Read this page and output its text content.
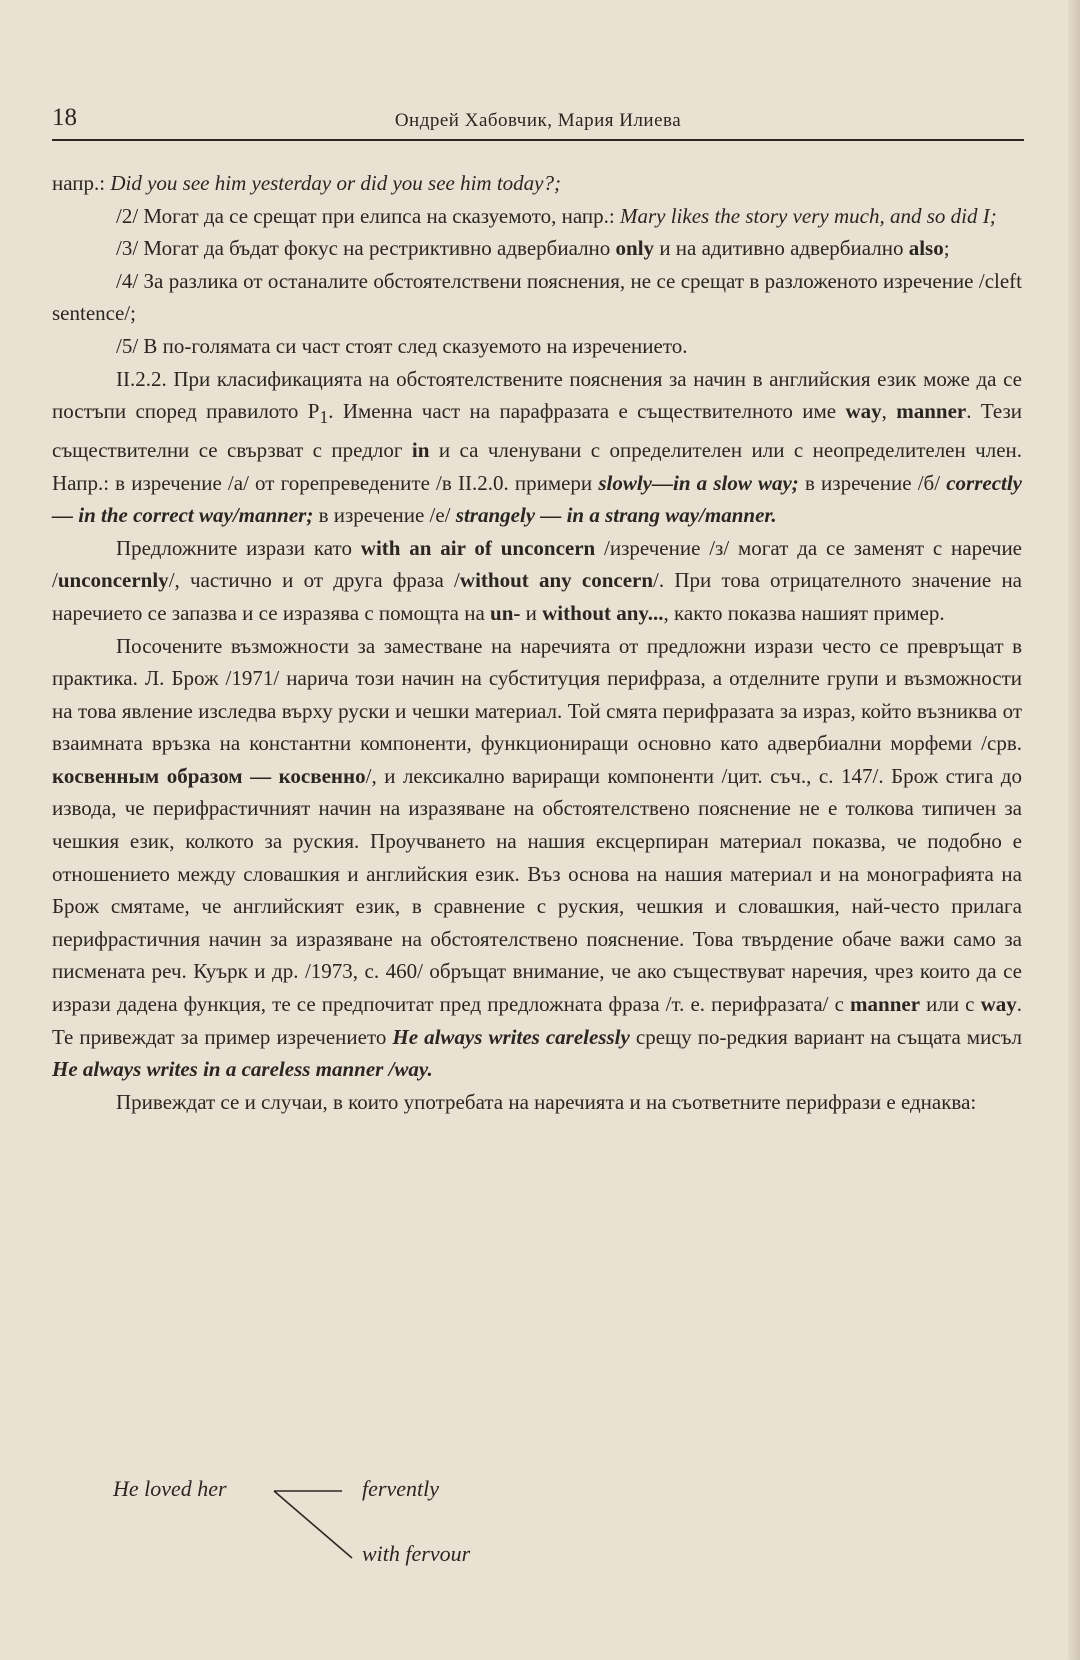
18	Ондрей Хабовчик, Мария Илиева

напр.: Did you see him yesterday or did you see him today?;

/2/ Могат да се срещат при елипса на сказуемото, напр.: Mary likes the story very much, and so did I;

/3/ Могат да бъдат фокус на рестриктивно адвербиално only и на адитивно адвербиално also;

/4/ За разлика от останалите обстоятелствени пояснения, не се срещат в разложеното изречение /cleft sentence/;

/5/ В по-голямата си част стоят след сказуемото на изречението.

II.2.2. При класификацията на обстоятелствените пояснения за начин в английския език може да се постъпи според правилото $P_1$. Именна част на парафразата е съществителното име way, manner. Тези съществителни се свързват с предлог in и са членувани с определителен или с неопределителен член. Напр.: в изречение /а/ от горепреведените /в II.2.0. примери slowly—in a slow way; в изречение /б/ correctly — in the correct way/manner; в изречение /е/ strangely — in a strang way/manner.

Предложните изрази като with an air of unconcern /изречение /з/ могат да се заменят с наречие /unconcernly/, частично и от друга фраза /without any concern/. При това отрицателното значение на наречието се запазва и се изразява с помощта на un- и without any..., както показва нашият пример.

Посочените възможности за заместване на наречията от предложни изрази често се превръщат в практика. Л. Брож /1971/ нарича този начин на субституция перифраза, а отделните групи и възможности на това явление изследва върху руски и чешки материал. Той смята перифразата за израз, който възниква от взаимната връзка на константни компоненти, функциониращи основно като адвербиални морфеми /срв. косвенным образом — косвенно/, и лексикално вариращи компоненти /цит. съч., с. 147/. Брож стига до извода, че перифрастичният начин на изразяване на обстоятелствено пояснение не е толкова типичен за чешкия език, колкото за руския. Проучването на нашия ексцерпиран материал показва, че подобно е отношението между словашкия и английския език. Въз основа на нашия материал и на монографията на Брож смятаме, че английският език, в сравнение с руския, чешкия и словашкия, най-често прилага перифрастичния начин за изразяване на обстоятелствено пояснение. Това твърдение обаче важи само за писмената реч. Куърк и др. /1973, с. 460/ обръщат внимание, че ако съществуват наречия, чрез които да се изрази дадена функция, те се предпочитат пред предложната фраза /т. е. перифразата/ с manner или с way. Те привеждат за пример изречението He always writes carelessly срещу по-редкия вариант на същата мисъл He always writes in a careless manner /way.

Привеждат се и случаи, в които употребата на наречията и на съответните перифрази е еднаква:

He loved her	fervently
with fervour
